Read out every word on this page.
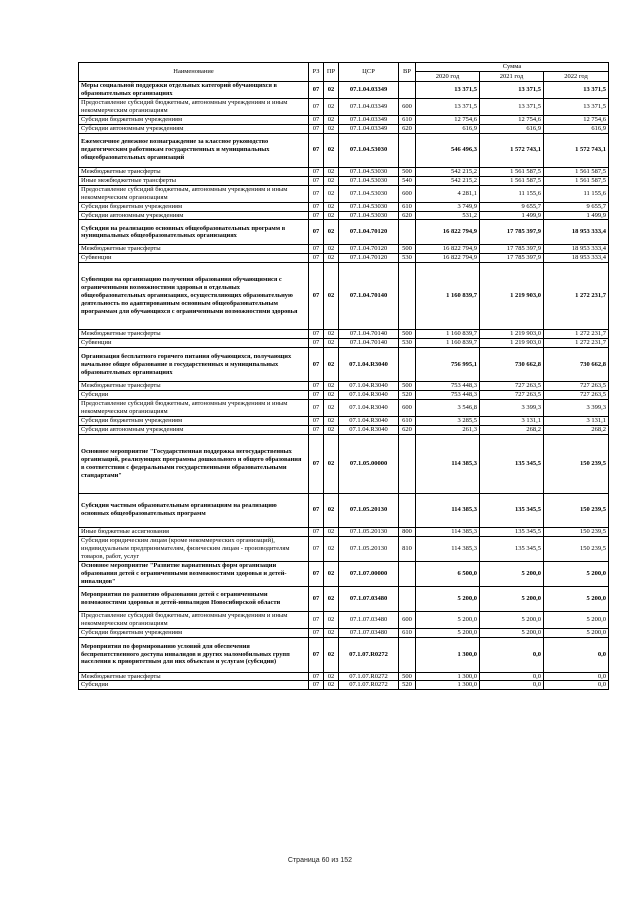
Наименование	РЗ	ПР	ЦСР	ВР	Сумма		
					2020 год	2021 год	2022 год
Меры социальной поддержки отдельных категорий обучающихся в образовательных организациях	07	02	07.1.04.03349		13 371,5	13 371,5	13 371,5
Предоставление субсидий бюджетным, автономным учреждениям и иным некоммерческим организациям	07	02	07.1.04.03349	600	13 371,5	13 371,5	13 371,5
Субсидии бюджетным учреждениям	07	02	07.1.04.03349	610	12 754,6	12 754,6	12 754,6
Субсидии автономным учреждениям	07	02	07.1.04.03349	620	616,9	616,9	616,9
Ежемесячное денежное вознаграждение за классное руководство педагогическим работникам государственных и муниципальных общеобразовательных организаций	07	02	07.1.04.53030		546 496,3	1 572 743,1	1 572 743,1
Межбюджетные трансферты	07	02	07.1.04.53030	500	542 215,2	1 561 587,5	1 561 587,5
Иные межбюджетные трансферты	07	02	07.1.04.53030	540	542 215,2	1 561 587,5	1 561 587,5
Предоставление субсидий бюджетным, автономным учреждениям и иным некоммерческим организациям	07	02	07.1.04.53030	600	4 281,1	11 155,6	11 155,6
Субсидии бюджетным учреждениям	07	02	07.1.04.53030	610	3 749,9	9 655,7	9 655,7
Субсидии автономным учреждениям	07	02	07.1.04.53030	620	531,2	1 499,9	1 499,9
Субсидии на реализацию основных общеобразовательных программ в муниципальных общеобразовательных организациях	07	02	07.1.04.70120		16 822 794,9	17 785 397,9	18 953 333,4
Межбюджетные трансферты	07	02	07.1.04.70120	500	16 822 794,9	17 785 397,9	18 953 333,4
Субвенции	07	02	07.1.04.70120	530	16 822 794,9	17 785 397,9	18 953 333,4
Субвенции на организацию получения образования обучающимися с ограниченными возможностями здоровья в отдельных общеобразовательных организациях, осуществляющих образовательную деятельность по адаптированным основным общеобразовательным программам для обучающихся с ограниченными возможностями здоровья	07	02	07.1.04.70140		1 160 839,7	1 219 903,0	1 272 231,7
Межбюджетные трансферты	07	02	07.1.04.70140	500	1 160 839,7	1 219 903,0	1 272 231,7
Субвенции	07	02	07.1.04.70140	530	1 160 839,7	1 219 903,0	1 272 231,7
Организация бесплатного горячего питания обучающихся, получающих начальное общее образование в государственных и муниципальных образовательных организациях	07	02	07.1.04.R3040		756 995,1	730 662,8	730 662,8
Межбюджетные трансферты	07	02	07.1.04.R3040	500	753 448,3	727 263,5	727 263,5
Субсидии	07	02	07.1.04.R3040	520	753 448,3	727 263,5	727 263,5
Предоставление субсидий бюджетным, автономным учреждениям и иным некоммерческим организациям	07	02	07.1.04.R3040	600	3 546,8	3 399,3	3 399,3
Субсидии бюджетным учреждениям	07	02	07.1.04.R3040	610	3 285,5	3 131,1	3 131,1
Субсидии автономным учреждениям	07	02	07.1.04.R3040	620	261,3	268,2	268,2
Основное мероприятие "Государственная поддержка негосударственных организаций, реализующих программы дошкольного и общего образования в соответствии с федеральными государственными образовательными стандартами"	07	02	07.1.05.00000		114 385,3	135 345,5	150 239,5
Субсидии частным образовательным организациям на реализацию основных общеобразовательных программ	07	02	07.1.05.20130		114 385,3	135 345,5	150 239,5
Иные бюджетные ассигнования	07	02	07.1.05.20130	800	114 385,3	135 345,5	150 239,5
Субсидии юридическим лицам (кроме некоммерческих организаций), индивидуальным предпринимателям, физическим лицам - производителям товаров, работ, услуг	07	02	07.1.05.20130	810	114 385,3	135 345,5	150 239,5
Основное мероприятие "Развитие вариативных форм организации образования детей с ограниченными возможностями здоровья и детей-инвалидов"	07	02	07.1.07.00000		6 500,0	5 200,0	5 200,0
Мероприятия по развитию образования детей с ограниченными возможностями здоровья и детей-инвалидов Новосибирской области	07	02	07.1.07.03480		5 200,0	5 200,0	5 200,0
Предоставление субсидий бюджетным, автономным учреждениям и иным некоммерческим организациям	07	02	07.1.07.03480	600	5 200,0	5 200,0	5 200,0
Субсидии бюджетным учреждениям	07	02	07.1.07.03480	610	5 200,0	5 200,0	5 200,0
Мероприятия по формированию условий для обеспечения беспрепятственного доступа инвалидов и других маломобильных групп населения к приоритетным для них объектам и услугам (субсидии)	07	02	07.1.07.R0272		1 300,0	0,0	0,0
Межбюджетные трансферты	07	02	07.1.07.R0272	500	1 300,0	0,0	0,0
Субсидии	07	02	07.1.07.R0272	520	1 300,0	0,0	0,0
Страница 60 из 152
